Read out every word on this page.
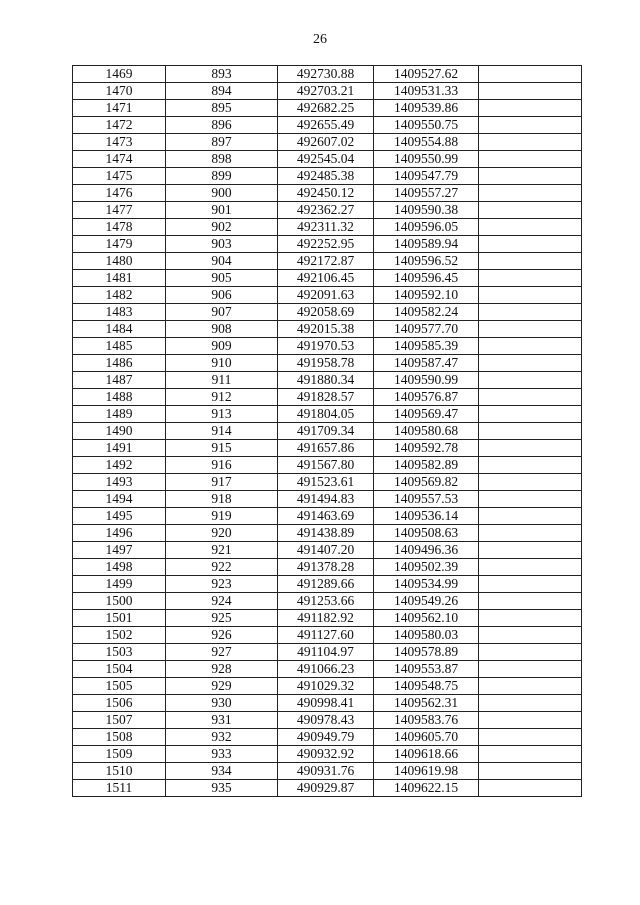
26
1469	893	492730.88	1409527.62	
1470	894	492703.21	1409531.33	
1471	895	492682.25	1409539.86	
1472	896	492655.49	1409550.75	
1473	897	492607.02	1409554.88	
1474	898	492545.04	1409550.99	
1475	899	492485.38	1409547.79	
1476	900	492450.12	1409557.27	
1477	901	492362.27	1409590.38	
1478	902	492311.32	1409596.05	
1479	903	492252.95	1409589.94	
1480	904	492172.87	1409596.52	
1481	905	492106.45	1409596.45	
1482	906	492091.63	1409592.10	
1483	907	492058.69	1409582.24	
1484	908	492015.38	1409577.70	
1485	909	491970.53	1409585.39	
1486	910	491958.78	1409587.47	
1487	911	491880.34	1409590.99	
1488	912	491828.57	1409576.87	
1489	913	491804.05	1409569.47	
1490	914	491709.34	1409580.68	
1491	915	491657.86	1409592.78	
1492	916	491567.80	1409582.89	
1493	917	491523.61	1409569.82	
1494	918	491494.83	1409557.53	
1495	919	491463.69	1409536.14	
1496	920	491438.89	1409508.63	
1497	921	491407.20	1409496.36	
1498	922	491378.28	1409502.39	
1499	923	491289.66	1409534.99	
1500	924	491253.66	1409549.26	
1501	925	491182.92	1409562.10	
1502	926	491127.60	1409580.03	
1503	927	491104.97	1409578.89	
1504	928	491066.23	1409553.87	
1505	929	491029.32	1409548.75	
1506	930	490998.41	1409562.31	
1507	931	490978.43	1409583.76	
1508	932	490949.79	1409605.70	
1509	933	490932.92	1409618.66	
1510	934	490931.76	1409619.98	
1511	935	490929.87	1409622.15	
